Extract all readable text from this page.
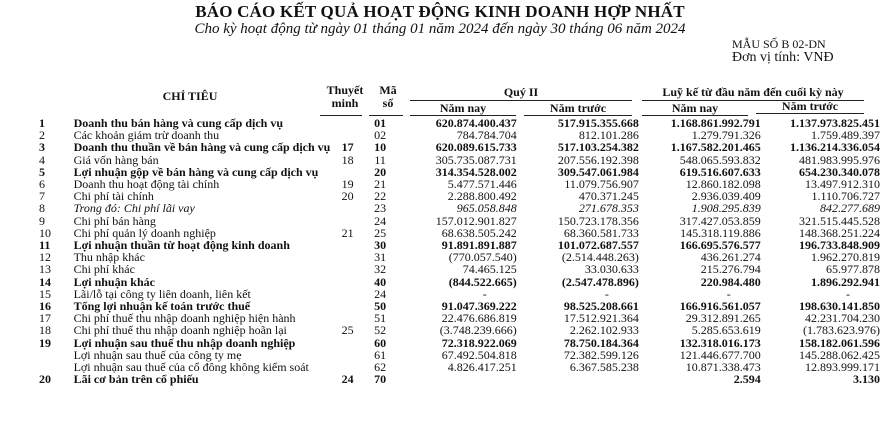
BÁO CÁO KẾT QUẢ HOẠT ĐỘNG KINH DOANH HỢP NHẤT
Cho kỳ hoạt động từ ngày 01 tháng 01 năm 2024 đến ngày 30 tháng 06 năm 2024
MẪU SỐ B 02-DN
Đơn vị tính: VNĐ
CHỈ TIÊU	Thuyết
minh
Mã
số
Quý II	Luỹ kế từ đầu năm đến cuối kỳ này
Năm nay	Năm trước	Năm nay	Năm trước
1	Doanh thu bán hàng và cung cấp dịch vụ		01	620.874.400.437	517.915.355.668	1.168.861.992.791	1.137.973.825.451
2	Các khoản giảm trừ doanh thu		02	784.784.704	812.101.286	1.279.791.326	1.759.489.397
3	Doanh thu thuần về bán hàng và cung cấp dịch vụ	17	10	620.089.615.733	517.103.254.382	1.167.582.201.465	1.136.214.336.054
4	Giá vốn hàng bán	18	11	305.735.087.731	207.556.192.398	548.065.593.832	481.983.995.976
5	Lợi nhuận gộp về bán hàng và cung cấp dịch vụ		20	314.354.528.002	309.547.061.984	619.516.607.633	654.230.340.078
6	Doanh thu hoạt động tài chính	19	21	5.477.571.446	11.079.756.907	12.860.182.098	13.497.912.310
7	Chi phí tài chính	20	22	2.288.800.492	470.371.245	2.936.039.409	1.110.706.727
8	Trong đó: Chi phí lãi vay		23	965.058.848	271.678.353	1.908.295.839	842.277.689
9	Chi phí bán hàng		24	157.012.901.827	150.723.178.356	317.427.053.859	321.515.445.528
10	Chi phí quản lý doanh nghiệp	21	25	68.638.505.242	68.360.581.733	145.318.119.886	148.368.251.224
11	Lợi nhuận thuần từ hoạt động kinh doanh		30	91.891.891.887	101.072.687.557	166.695.576.577	196.733.848.909
12	Thu nhập khác		31	(770.057.540)	(2.514.448.263)	436.261.274	1.962.270.819
13	Chi phí khác		32	74.465.125	33.030.633	215.276.794	65.977.878
14	Lợi nhuận khác		40	(844.522.665)	(2.547.478.896)	220.984.480	1.896.292.941
15	Lãi/lỗ tại công ty liên doanh, liên kết		24	-	-	-	-
16	Tổng lợi nhuận kế toán trước thuế		50	91.047.369.222	98.525.208.661	166.916.561.057	198.630.141.850
17	Chi phí thuế thu nhập doanh nghiệp hiện hành		51	22.476.686.819	17.512.921.364	29.312.891.265	42.231.704.230
18	Chi phí thuế thu nhập doanh nghiệp hoãn lại	25	52	(3.748.239.666)	2.262.102.933	5.285.653.619	(1.783.623.976)
19	Lợi nhuận sau thuế thu nhập doanh nghiệp		60	72.318.922.069	78.750.184.364	132.318.016.173	158.182.061.596
	Lợi nhuận sau thuế của công ty mẹ		61	67.492.504.818	72.382.599.126	121.446.677.700	145.288.062.425
	Lợi nhuận sau thuế của cổ đông không kiểm soát		62	4.826.417.251	6.367.585.238	10.871.338.473	12.893.999.171
20	Lãi cơ bản trên cổ phiếu	24	70			2.594	3.130
